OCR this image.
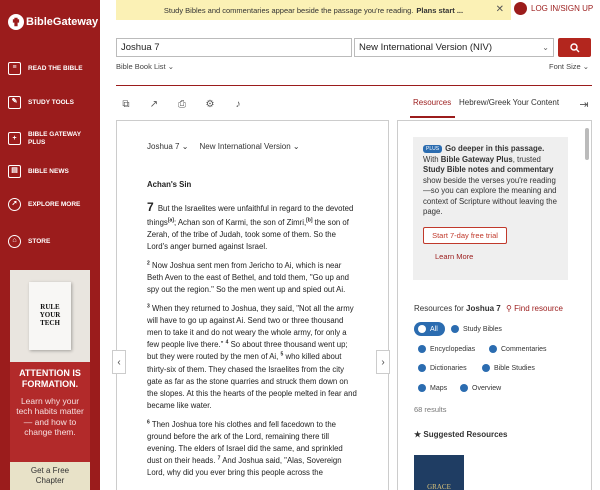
✟ BibleGateway
≡	READ THE BIBLE
✎	STUDY TOOLS
+
BIBLE GATEWAY PLUS
▤	BIBLE NEWS
➚	EXPLORE MORE
⌂	STORE
RULE YOUR TECH
ATTENTION IS FORMATION.
Learn why your tech habits matter — and how to change them.
Get a Free Chapter
Study Bibles and commentaries appear beside the passage you're reading. Plans start ...	✕	LOG IN/SIGN UP
Joshua 7	New International Version (NIV)	⌄
Bible Book List ⌄	Font Size ⌄
⧉ ↗ ⎙ ⚙	♪	Resources Hebrew/Greek Your Content ⇥
Joshua 7 ⌄ New International Version ⌄
Achan's Sin

7 But the Israelites were unfaithful in regard to the devoted things[a]; Achan son of Karmi, the son of Zimri,[b] the son of Zerah, of the tribe of Judah, took some of them. So the Lord's anger burned against Israel.

$^2$ Now Joshua sent men from Jericho to Ai, which is near Beth Aven to the east of Bethel, and told them, "Go up and spy out the region." So the men went up and spied out Ai.

$^3$ When they returned to Joshua, they said, "Not all the army will have to go up against Ai. Send two or three thousand men to take it and do not weary the whole army, for only a few people live there." $^4$ So about three thousand went up; but they were routed by the men of Ai, $^5$ who killed about thirty-six of them. They chased the Israelites from the city gate as far as the stone quarries and struck them down on the slopes. At this the hearts of the people melted in fear and became like water.

$^6$ Then Joshua tore his clothes and fell facedown to the ground before the ark of the Lord, remaining there till evening. The elders of Israel did the same, and sprinkled dust on their heads. $^7$ And Joshua said, "Alas, Sovereign Lord, why did you ever bring this people across the

‹	›
PLUS Go deeper in this passage.
With Bible Gateway Plus, trusted Study Bible notes and commentary show beside the verses you're reading—so you can explore the meaning and context of Scripture without leaving the page.
Start 7-day free trial
Learn More
Resources for Joshua 7 ⚲ Find resource
All	Study Bibles
Encyclopedias	Commentaries
Dictionaries	Bible Studies
Maps	Overview
68 results
★ Suggested Resources
GRACE
